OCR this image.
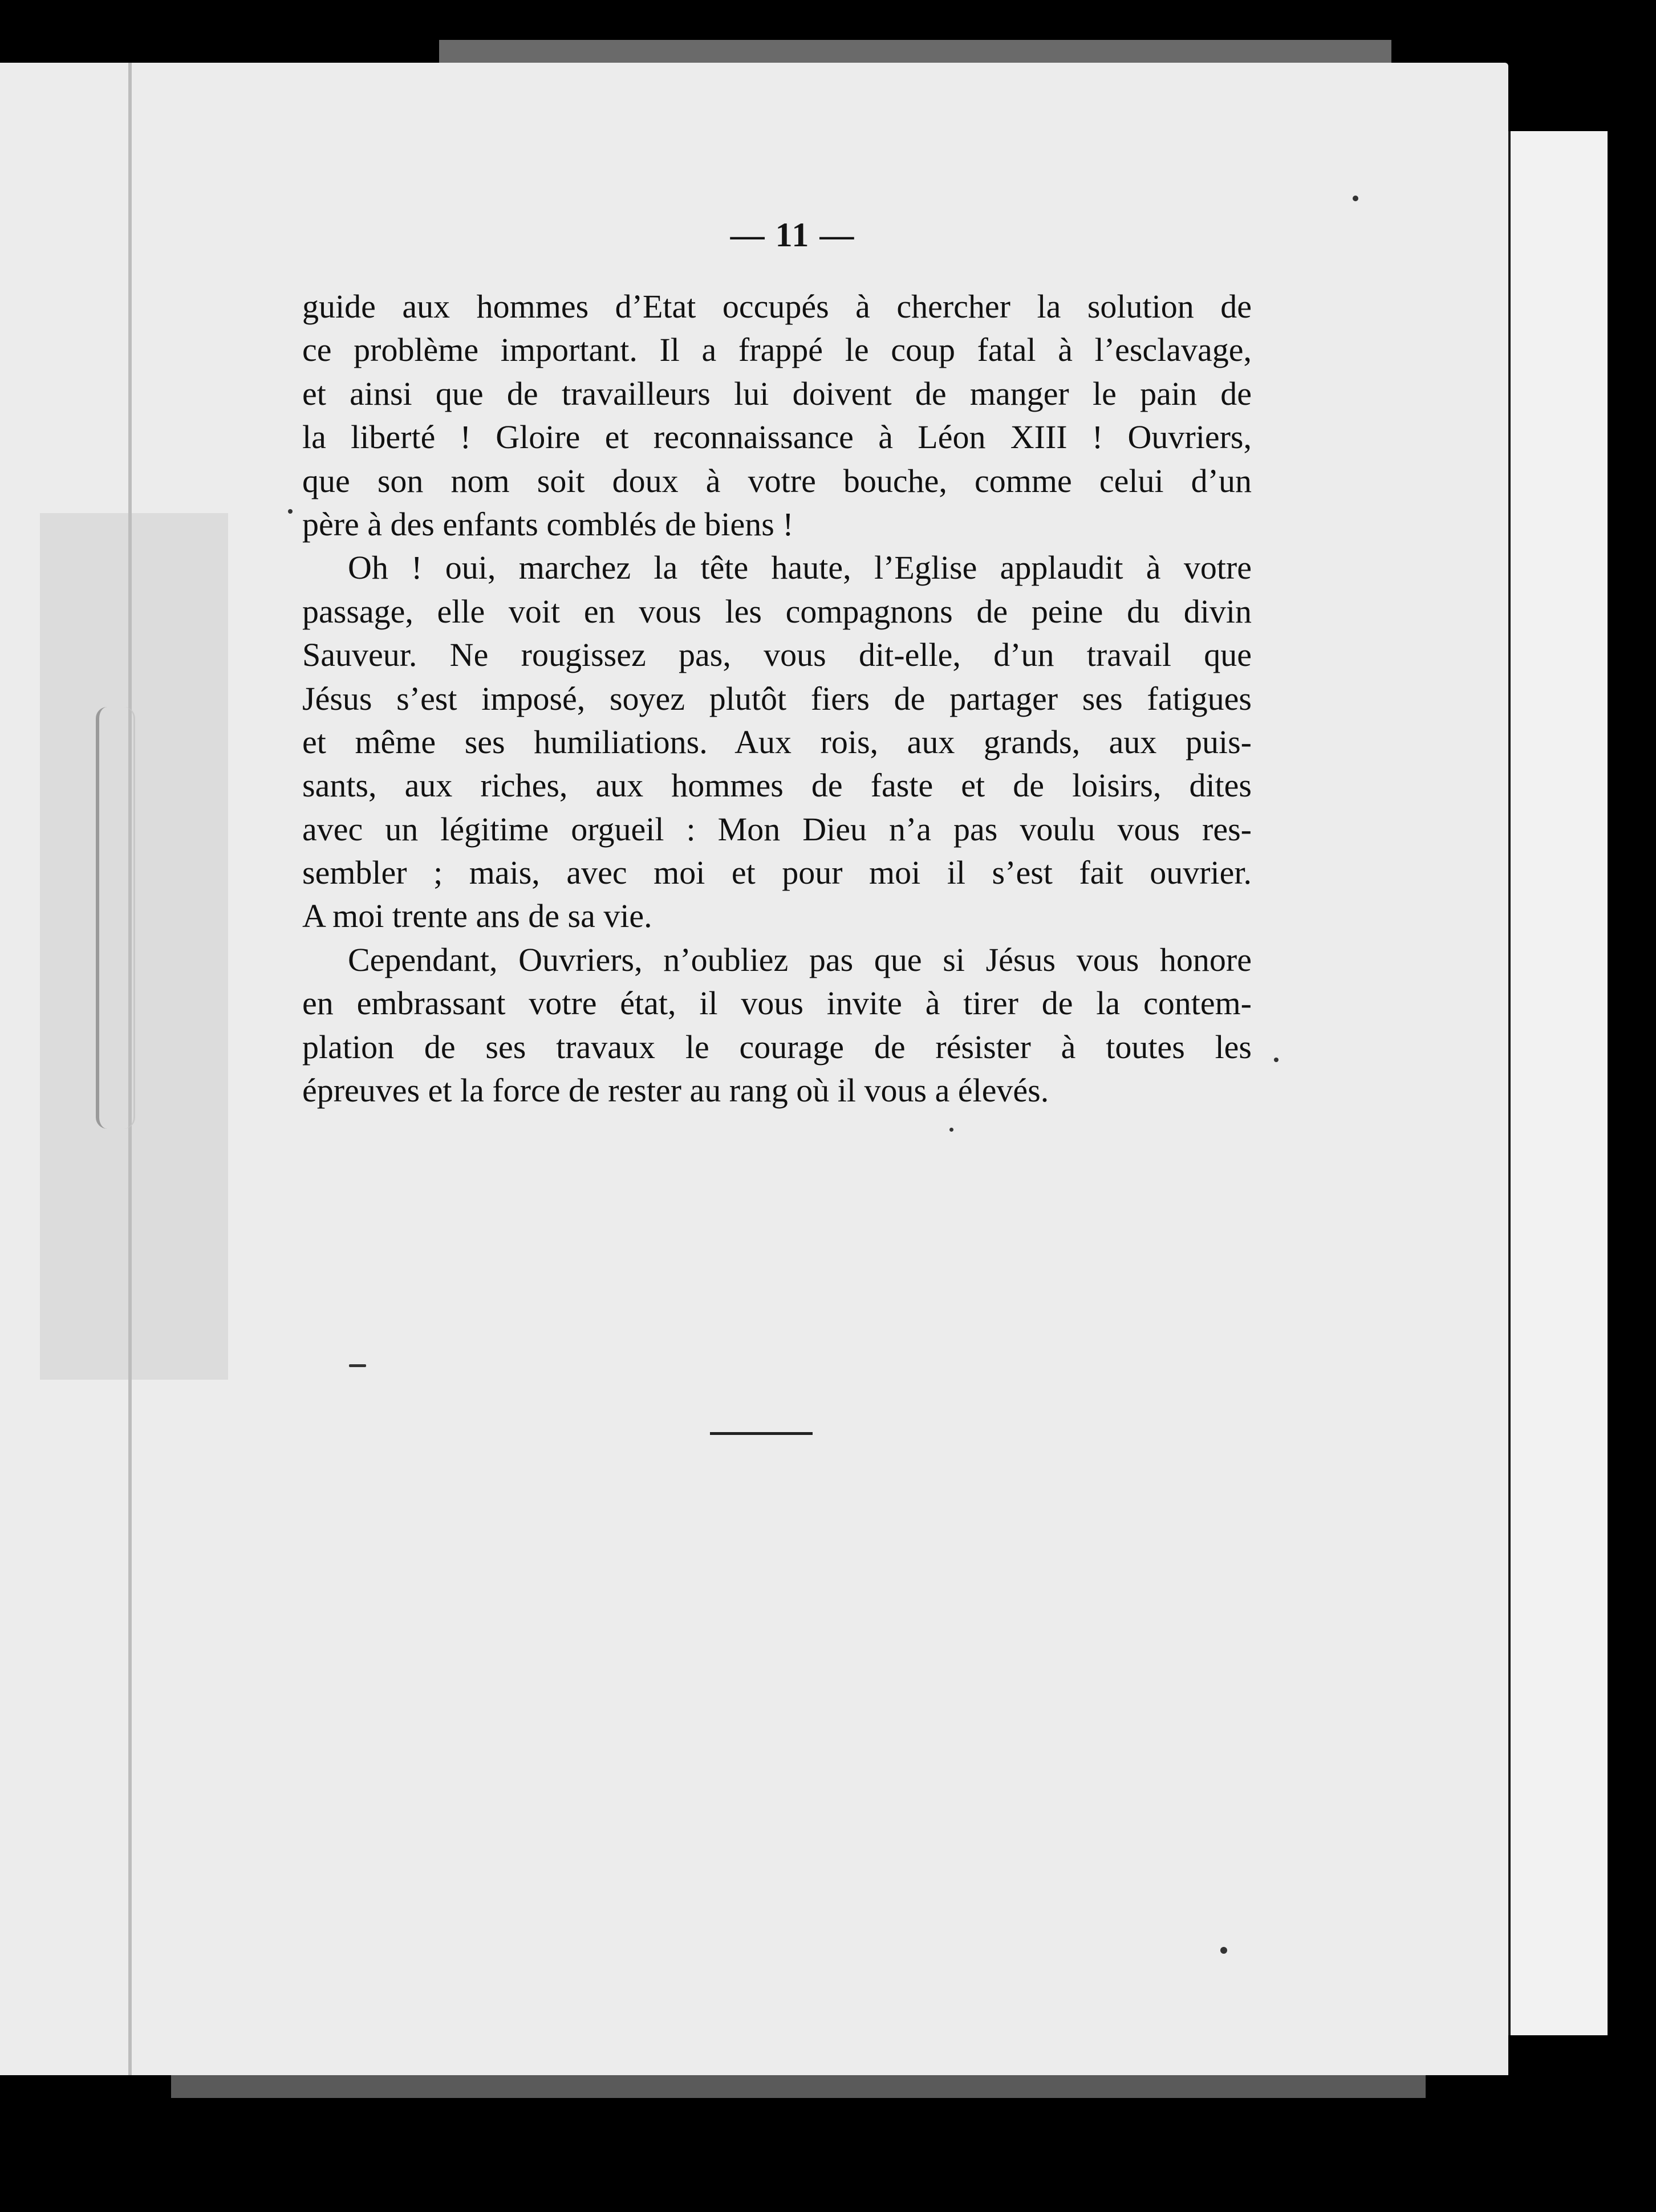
— 11 —
guide aux hommes d’Etat occupés à chercher la solution de
ce problème important. Il a frappé le coup fatal à l’esclavage,
et ainsi que de travailleurs lui doivent de manger le pain de
la liberté ! Gloire et reconnaissance à Léon XIII ! Ouvriers,
que son nom soit doux à votre bouche, comme celui d’un
père à des enfants comblés de biens !
Oh ! oui, marchez la tête haute, l’Eglise applaudit à votre
passage, elle voit en vous les compagnons de peine du divin
Sauveur. Ne rougissez pas, vous dit-elle, d’un travail que
Jésus s’est imposé, soyez plutôt fiers de partager ses fatigues
et même ses humiliations. Aux rois, aux grands, aux puis-
sants, aux riches, aux hommes de faste et de loisirs, dites
avec un légitime orgueil : Mon Dieu n’a pas voulu vous res-
sembler ; mais, avec moi et pour moi il s’est fait ouvrier.
A moi trente ans de sa vie.
Cependant, Ouvriers, n’oubliez pas que si Jésus vous honore
en embrassant votre état, il vous invite à tirer de la contem-
plation de ses travaux le courage de résister à toutes les
épreuves et la force de rester au rang où il vous a élevés.
